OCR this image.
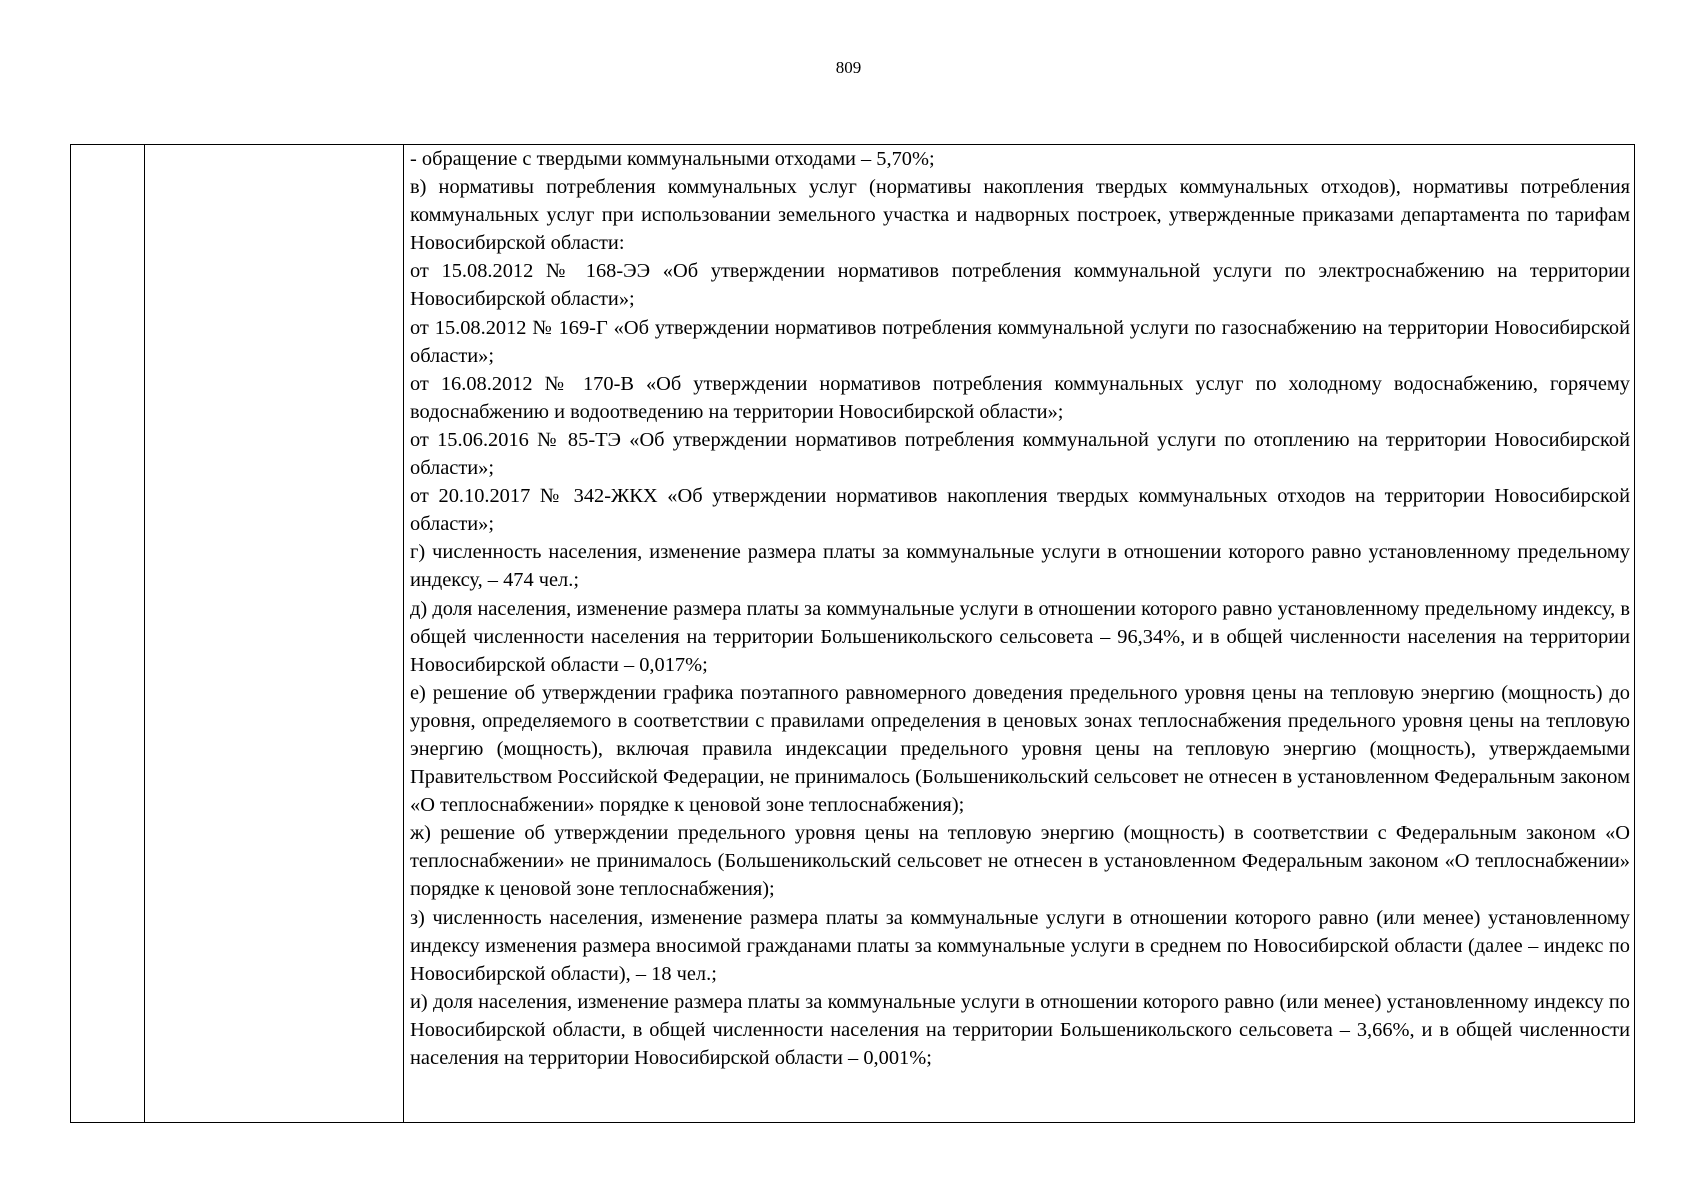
809

- обращение с твердыми коммунальными отходами – 5,70%;

в) нормативы потребления коммунальных услуг (нормативы накопления твердых коммунальных отходов), нормативы потребления коммунальных услуг при использовании земельного участка и надворных построек, утвержденные приказами департамента по тарифам Новосибирской области:

от 15.08.2012 № 168-ЭЭ «Об утверждении нормативов потребления коммунальной услуги по электроснабжению на территории Новосибирской области»;

от 15.08.2012 № 169-Г «Об утверждении нормативов потребления коммунальной услуги по газоснабжению на территории Новосибирской области»;

от 16.08.2012 № 170-В «Об утверждении нормативов потребления коммунальных услуг по холодному водоснабжению, горячему водоснабжению и водоотведению на территории Новосибирской области»;

от 15.06.2016 № 85-ТЭ «Об утверждении нормативов потребления коммунальной услуги по отоплению на территории Новосибирской области»;

от 20.10.2017 № 342-ЖКХ «Об утверждении нормативов накопления твердых коммунальных отходов на территории Новосибирской области»;

г) численность населения, изменение размера платы за коммунальные услуги в отношении которого равно установленному предельному индексу, – 474 чел.;

д) доля населения, изменение размера платы за коммунальные услуги в отношении которого равно установленному предельному индексу, в общей численности населения на территории Большеникольского сельсовета – 96,34%, и в общей численности населения на территории Новосибирской области – 0,017%;

е) решение об утверждении графика поэтапного равномерного доведения предельного уровня цены на тепловую энергию (мощность) до уровня, определяемого в соответствии с правилами определения в ценовых зонах теплоснабжения предельного уровня цены на тепловую энергию (мощность), включая правила индексации предельного уровня цены на тепловую энергию (мощность), утверждаемыми Правительством Российской Федерации, не принималось (Большеникольский сельсовет не отнесен в установленном Федеральным законом «О теплоснабжении» порядке к ценовой зоне теплоснабжения);

ж) решение об утверждении предельного уровня цены на тепловую энергию (мощность) в соответствии с Федеральным законом «О теплоснабжении» не принималось (Большеникольский сельсовет не отнесен в установленном Федеральным законом «О теплоснабжении» порядке к ценовой зоне теплоснабжения);

з) численность населения, изменение размера платы за коммунальные услуги в отношении которого равно (или менее) установленному индексу изменения размера вносимой гражданами платы за коммунальные услуги в среднем по Новосибирской области (далее – индекс по Новосибирской области), – 18 чел.;

и) доля населения, изменение размера платы за коммунальные услуги в отношении которого равно (или менее) установленному индексу по Новосибирской области, в общей численности населения на территории Большеникольского сельсовета – 3,66%, и в общей численности населения на территории Новосибирской области – 0,001%;
